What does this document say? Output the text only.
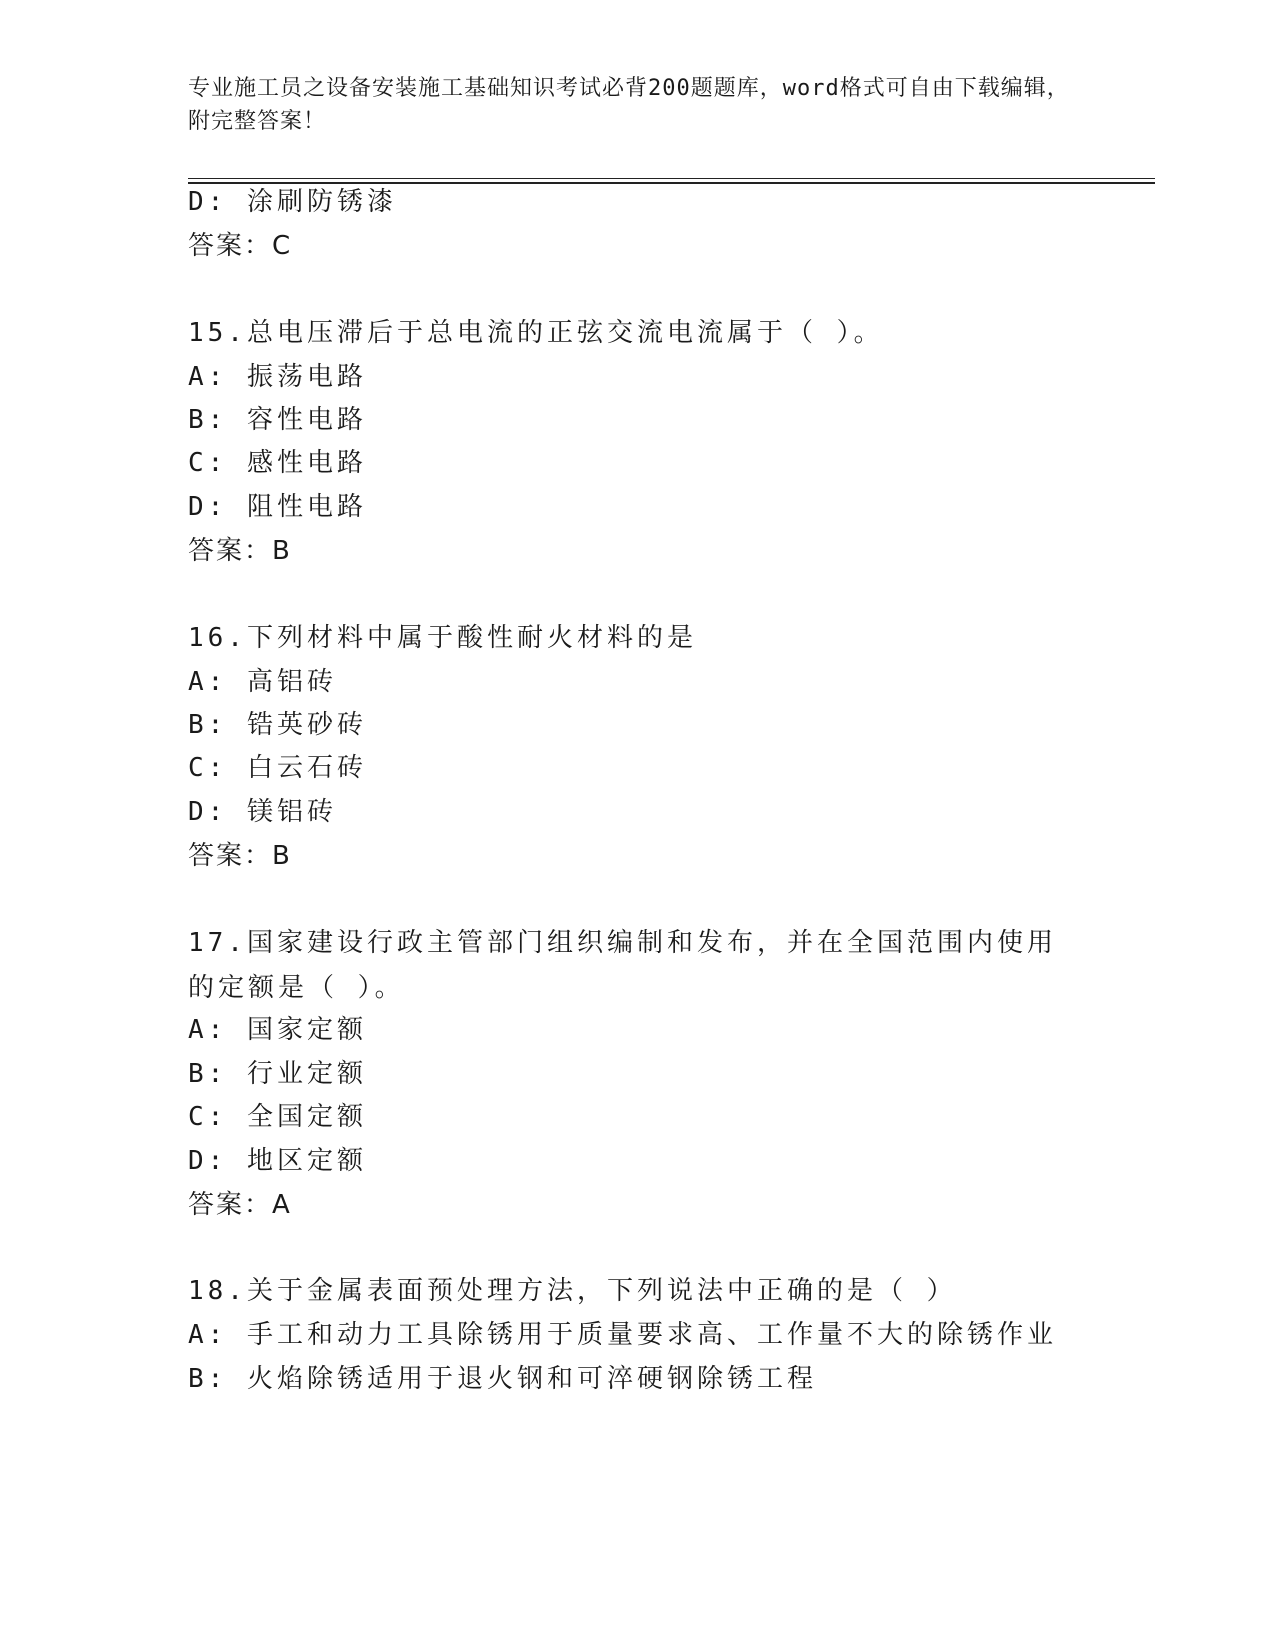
专业施工员之设备安装施工基础知识考试必背200题题库，word格式可自由下载编辑，附完整答案！
D: 涂刷防锈漆
答案：C
15.总电压滞后于总电流的正弦交流电流属于（ ）。
A: 振荡电路
B: 容性电路
C: 感性电路
D: 阻性电路
答案：B
16.下列材料中属于酸性耐火材料的是
A: 高铝砖
B: 锆英砂砖
C: 白云石砖
D: 镁铝砖
答案：B
17.国家建设行政主管部门组织编制和发布，并在全国范围内使用的定额是（ ）。
A: 国家定额
B: 行业定额
C: 全国定额
D: 地区定额
答案：A
18.关于金属表面预处理方法，下列说法中正确的是（ ）
A: 手工和动力工具除锈用于质量要求高、工作量不大的除锈作业
B: 火焰除锈适用于退火钢和可淬硬钢除锈工程
